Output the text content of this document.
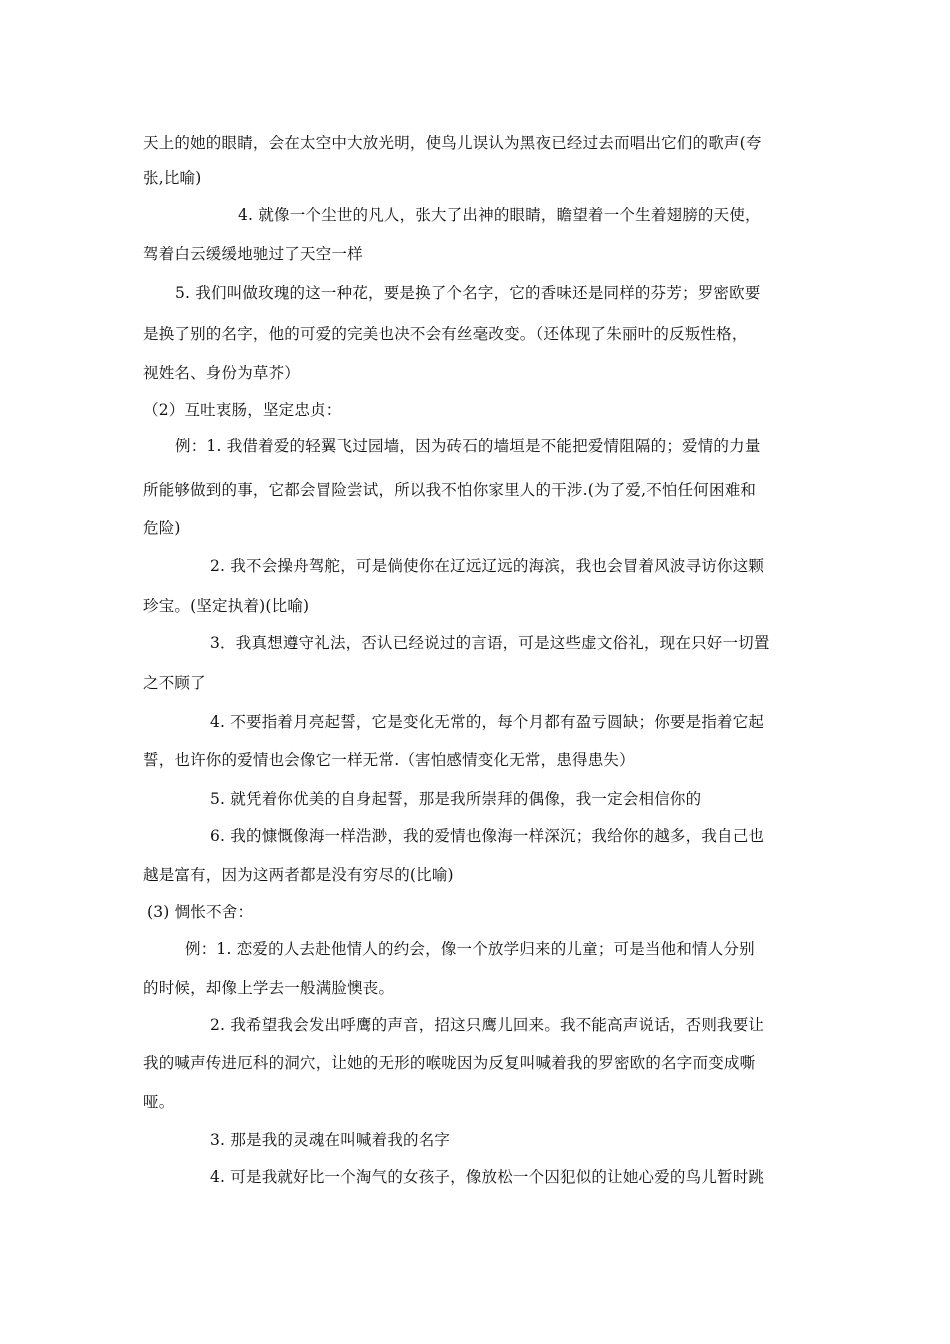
天上的她的眼睛，会在太空中大放光明，使鸟儿误认为黑夜已经过去而唱出它们的歌声(夸
张,比喻)
4. 就像一个尘世的凡人，张大了出神的眼睛，瞻望着一个生着翅膀的天使，
驾着白云缓缓地驰过了天空一样
5. 我们叫做玫瑰的这一种花，要是换了个名字，它的香味还是同样的芬芳；罗密欧要
是换了别的名字，他的可爱的完美也决不会有丝毫改变。（还体现了朱丽叶的反叛性格，
视姓名、身份为草芥）
（2）互吐衷肠，坚定忠贞：
例：1. 我借着爱的轻翼飞过园墙，因为砖石的墙垣是不能把爱情阻隔的；爱情的力量
所能够做到的事，它都会冒险尝试，所以我不怕你家里人的干涉.(为了爱,不怕任何困难和
危险)
2. 我不会操舟驾舵，可是倘使你在辽远辽远的海滨，我也会冒着风波寻访你这颗
珍宝。(坚定执着)(比喻)
3．我真想遵守礼法，否认已经说过的言语，可是这些虚文俗礼，现在只好一切置
之不顾了
4. 不要指着月亮起誓，它是变化无常的，每个月都有盈亏圆缺；你要是指着它起
誓，也许你的爱情也会像它一样无常.（害怕感情变化无常，患得患失）
5. 就凭着你优美的自身起誓，那是我所崇拜的偶像，我一定会相信你的
6. 我的慷慨像海一样浩渺，我的爱情也像海一样深沉；我给你的越多，我自己也
越是富有，因为这两者都是没有穷尽的(比喻)
(3) 惆怅不舍：
例：1. 恋爱的人去赴他情人的约会，像一个放学归来的儿童；可是当他和情人分别
的时候，却像上学去一般满脸懊丧。
2. 我希望我会发出呼鹰的声音，招这只鹰儿回来。我不能高声说话，否则我要让
我的喊声传进厄科的洞穴，让她的无形的喉咙因为反复叫喊着我的罗密欧的名字而变成嘶
哑。
3. 那是我的灵魂在叫喊着我的名字
4. 可是我就好比一个淘气的女孩子，像放松一个囚犯似的让她心爱的鸟儿暂时跳
